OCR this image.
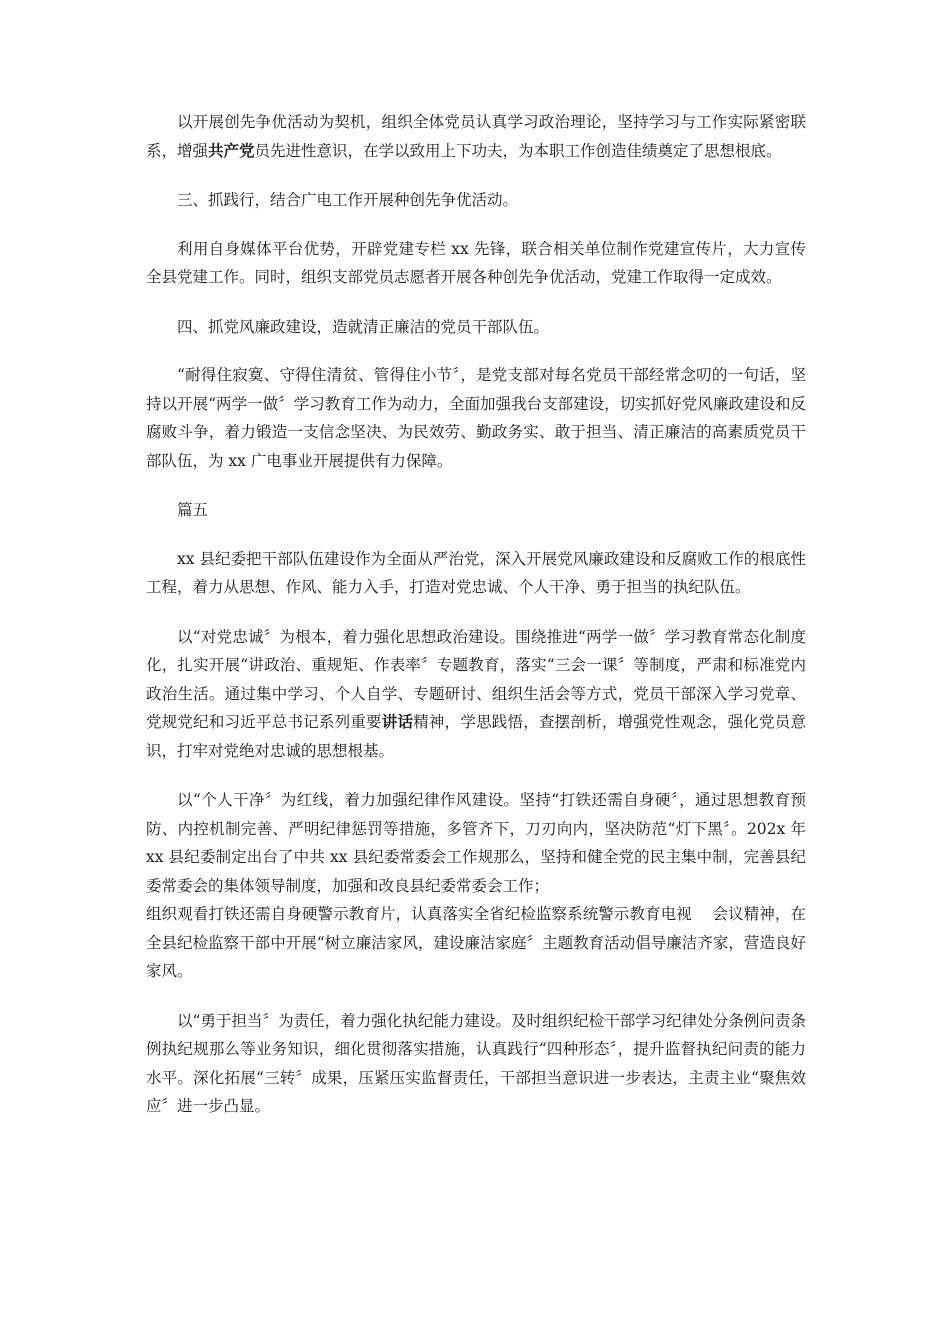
以开展创先争优活动为契机，组织全体党员认真学习政治理论，坚持学习与工作实际紧密联系，增强共产党员先进性意识，在学以致用上下功夫，为本职工作创造佳绩奠定了思想根底。

三、抓践行，结合广电工作开展种创先争优活动。

利用自身媒体平台优势，开辟党建专栏 xx 先锋，联合相关单位制作党建宣传片，大力宣传全县党建工作。同时，组织支部党员志愿者开展各种创先争优活动，党建工作取得一定成效。

四、抓党风廉政建设，造就清正廉洁的党员干部队伍。

“耐得住寂寞、守得住清贫、管得住小节〞，是党支部对每名党员干部经常念叨的一句话，坚持以开展“两学一做〞学习教育工作为动力，全面加强我台支部建设，切实抓好党风廉政建设和反腐败斗争，着力锻造一支信念坚决、为民效劳、勤政务实、敢于担当、清正廉洁的高素质党员干部队伍，为 xx 广电事业开展提供有力保障。

篇五

xx 县纪委把干部队伍建设作为全面从严治党，深入开展党风廉政建设和反腐败工作的根底性工程，着力从思想、作风、能力入手，打造对党忠诚、个人干净、勇于担当的执纪队伍。

以“对党忠诚〞为根本，着力强化思想政治建设。围绕推进“两学一做〞学习教育常态化制度化，扎实开展“讲政治、重规矩、作表率〞专题教育，落实“三会一课〞等制度，严肃和标准党内政治生活。通过集中学习、个人自学、专题研讨、组织生活会等方式，党员干部深入学习党章、党规党纪和习近平总书记系列重要讲话精神，学思践悟，查摆剖析，增强党性观念，强化党员意识，打牢对党绝对忠诚的思想根基。

以“个人干净〞为红线，着力加强纪律作风建设。坚持“打铁还需自身硬〞，通过思想教育预防、内控机制完善、严明纪律惩罚等措施，多管齐下，刀刃向内，坚决防范“灯下黑〞。202x 年 xx 县纪委制定出台了中共 xx 县纪委常委会工作规那么，坚持和健全党的民主集中制，完善县纪委常委会的集体领导制度，加强和改良县纪委常委会工作；
组织观看打铁还需自身硬警示教育片，认真落实全省纪检监察系统警示教育电视　 会议精神，在全县纪检监察干部中开展“树立廉洁家风，建设廉洁家庭〞主题教育活动倡导廉洁齐家，营造良好家风。

以“勇于担当〞为责任，着力强化执纪能力建设。及时组织纪检干部学习纪律处分条例问责条例执纪规那么等业务知识，细化贯彻落实措施，认真践行“四种形态〞，提升监督执纪问责的能力水平。深化拓展“三转〞成果，压紧压实监督责任，干部担当意识进一步表达，主责主业“聚焦效应〞进一步凸显。
